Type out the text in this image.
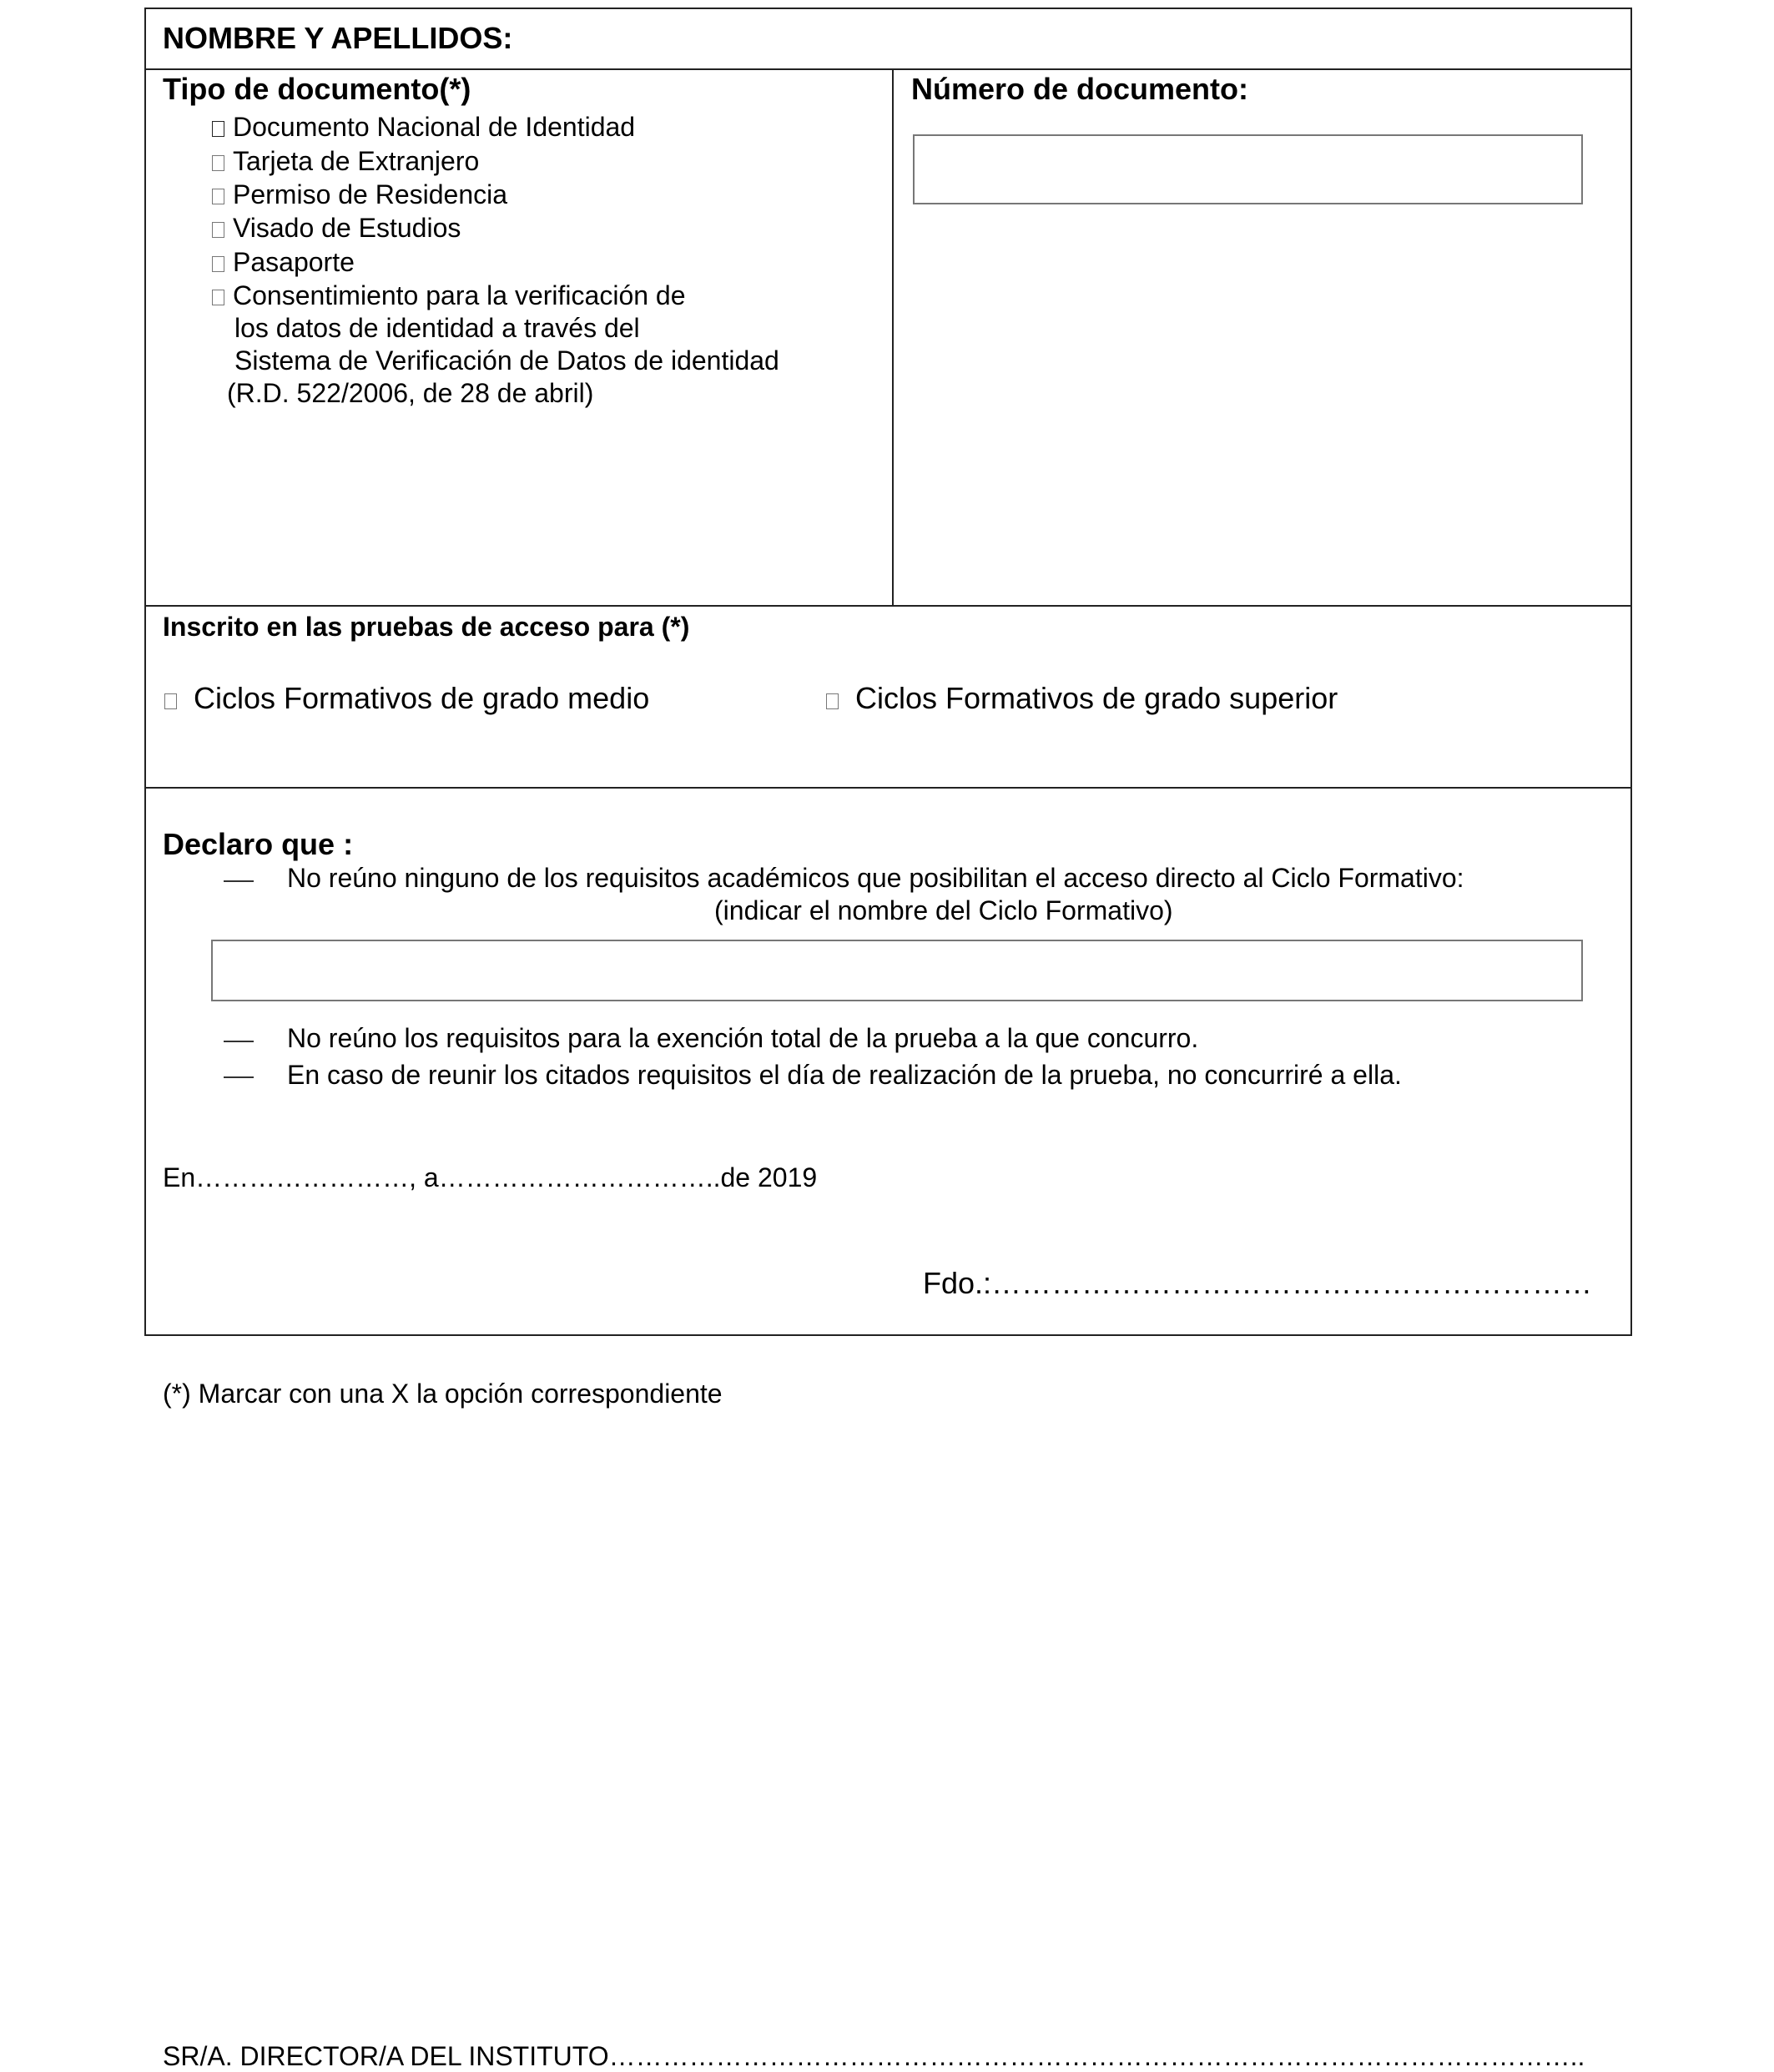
NOMBRE Y APELLIDOS:
Tipo de documento(*)
Documento Nacional de Identidad
Tarjeta de Extranjero
Permiso de Residencia
Visado de Estudios
Pasaporte
Consentimiento para la verificación de
los datos de identidad a través del
Sistema de Verificación de Datos de identidad
(R.D. 522/2006, de 28 de abril)
Número de documento:
Inscrito en las pruebas de acceso para (*)
Ciclos Formativos de grado medio	Ciclos Formativos de grado superior
Declaro que :
No reúno ninguno de los requisitos académicos que posibilitan el acceso directo al Ciclo Formativo:
(indicar el nombre del Ciclo Formativo)
No reúno los requisitos para la exención total de la prueba a la que concurro.
En caso de reunir los citados requisitos el día de realización de la prueba, no concurriré a ella.
En……………………, a…………………………..de 2019
Fdo.:……………………………………………………
(*) Marcar con una X la opción correspondiente
SR/A. DIRECTOR/A DEL INSTITUTO………………………………………………………………………………………………..
